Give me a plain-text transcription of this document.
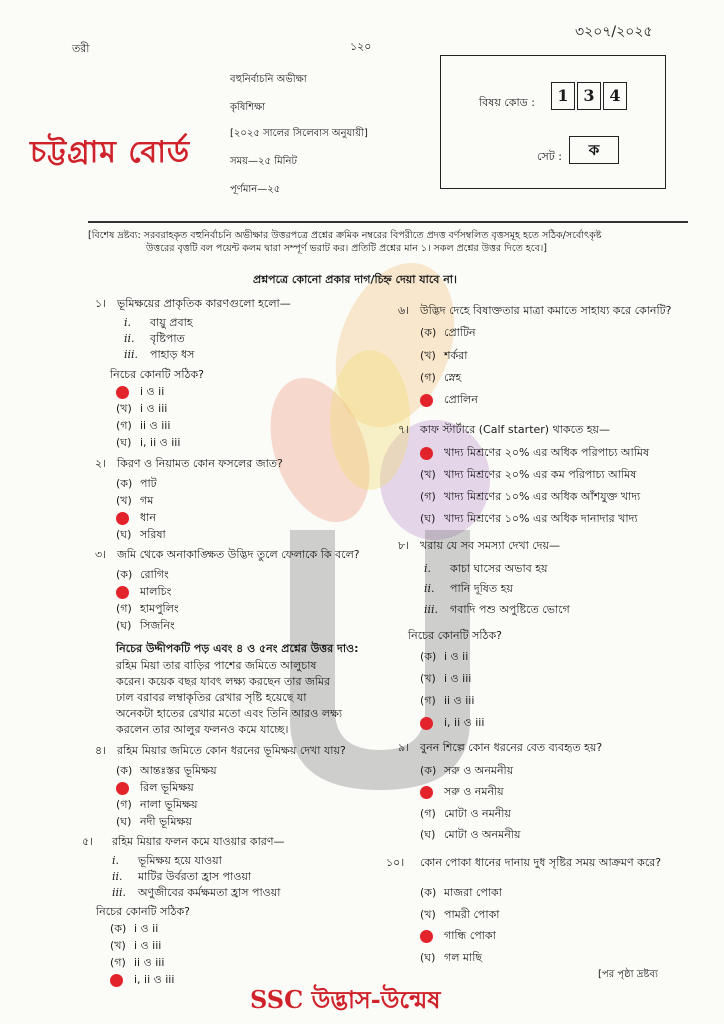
তরী	১২০
৩২০৭/২০২৫
বহুনির্বাচনি অভীক্ষা
কৃষিশিক্ষা
[২০২৫ সালের সিলেবাস অনুযায়ী]
সময়—২৫ মিনিট
পূর্ণমান—২৫
চট্টগ্রাম বোর্ড
বিষয় কোড :	1 3 4
সেট :	ক
[বিশেষ দ্রষ্টব্য: সরবরাহকৃত বহুনির্বাচনি অভীক্ষার উত্তরপত্রে প্রশ্নের ক্রমিক নম্বরের বিপরীতে প্রদত্ত বর্ণসম্বলিত বৃত্তসমূহ হতে সঠিক/সর্বোৎকৃষ্ট
উত্তরের বৃত্তটি বল পয়েন্ট কলম দ্বারা সম্পূর্ণ ভরাট কর। প্রতিটি প্রশ্নের মান ১। সকল প্রশ্নের উত্তর দিতে হবে।]
প্রশ্নপত্রে কোনো প্রকার দাগ/চিহ্ন দেয়া যাবে না।
১। ভূমিক্ষয়ের প্রাকৃতিক কারণগুলো হলো—
i. বায়ু প্রবাহ
ii. বৃষ্টিপাত
iii. পাহাড় ধস
নিচের কোনটি সঠিক?
i ও ii
(খ) i ও iii
(গ) ii ও iii
(ঘ) i, ii ও iii
২। কিরণ ও নিয়ামত কোন ফসলের জাত?
(ক) পাট
(খ) গম
ধান
(ঘ) সরিষা
৩। জমি থেকে অনাকাঙ্ক্ষিত উদ্ভিদ তুলে ফেলাকে কি বলে?
(ক) রোগিং
মালচিং
(গ) হামপুলিং
(ঘ) সিজনিং
নিচের উদ্দীপকটি পড় এবং ৪ ও ৫নং প্রশ্নের উত্তর দাও:
রহিম মিয়া তার বাড়ির পাশের জমিতে আলুচাষ
করেন। কয়েক বছর যাবৎ লক্ষ্য করছেন তার জমির
ঢাল বরাবর লম্বাকৃতির রেখার সৃষ্টি হয়েছে যা
অনেকটা হাতের রেখার মতো এবং তিনি আরও লক্ষ্য
করলেন তার আলুর ফলনও কমে যাচ্ছে।
৪। রহিম মিয়ার জমিতে কোন ধরনের ভূমিক্ষয় দেখা যায়?
(ক) আন্তঃস্তর ভূমিক্ষয়
রিল ভূমিক্ষয়
(গ) নালা ভূমিক্ষয়
(ঘ) নদী ভূমিক্ষয়
৫। রহিম মিয়ার ফলন কমে যাওয়ার কারণ—
i. ভূমিক্ষয় হয়ে যাওয়া
ii. মাটির উর্বরতা হ্রাস পাওয়া
iii. অণুজীবের কর্মক্ষমতা হ্রাস পাওয়া
নিচের কোনটি সঠিক?
(ক) i ও ii
(খ) i ও iii
(গ) ii ও iii
i, ii ও iii
৬। উদ্ভিদ দেহে বিষাক্ততার মাত্রা কমাতে সাহায্য করে কোনটি?
(ক) প্রোটিন
(খ) শর্করা
(গ) স্নেহ
প্রোলিন
৭। কাফ স্টার্টারে (Calf starter) থাকতে হয়—
খাদ্য মিশ্রণের ২০% এর অধিক পরিপাচ্য আমিষ
(খ) খাদ্য মিশ্রণের ২০% এর কম পরিপাচ্য আমিষ
(গ) খাদ্য মিশ্রণের ১০% এর অধিক আঁশযুক্ত খাদ্য
(ঘ) খাদ্য মিশ্রণের ১০% এর অধিক দানাদার খাদ্য
৮। খরায় যে সব সমস্যা দেখা দেয়—
i. কাচা ঘাসের অভাব হয়
ii. পানি দূষিত হয়
iii. গবাদি পশু অপুষ্টিতে ভোগে
নিচের কোনটি সঠিক?
(ক) i ও ii
(খ) i ও iii
(গ) ii ও iii
i, ii ও iii
৯। বুনন শিল্পে কোন ধরনের বেত ব্যবহৃত হয়?
(ক) সরু ও অনমনীয়
সরু ও নমনীয়
(গ) মোটা ও নমনীয়
(ঘ) মোটা ও অনমনীয়
১০। কোন পোকা ধানের দানায় দুধ সৃষ্টির সময় আক্রমণ করে?
(ক) মাজরা পোকা
(খ) পামরী পোকা
গান্ধি পোকা
(ঘ) গল মাছি
[পর পৃষ্ঠা দ্রষ্টব্য
SSC উদ্ভাস-উন্মেষ
